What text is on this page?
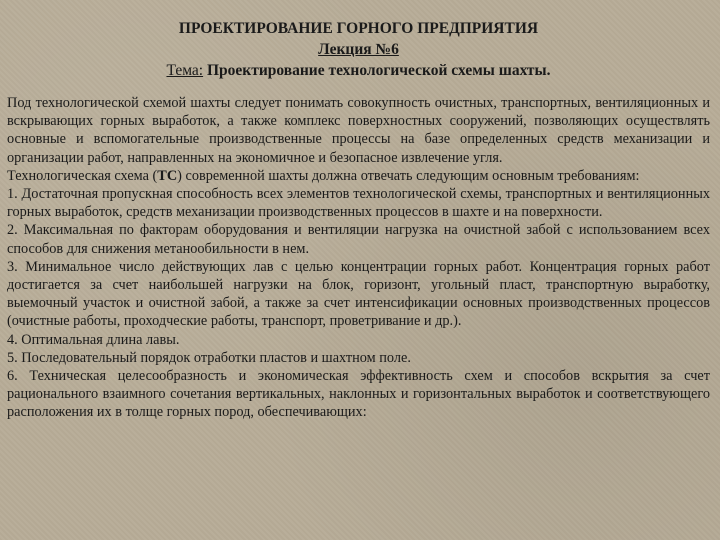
ПРОЕКТИРОВАНИЕ ГОРНОГО ПРЕДПРИЯТИЯ
Лекция №6
Тема: Проектирование технологической схемы шахты.

Под технологической схемой шахты следует понимать совокупность очистных, транспортных, вентиляционных и вскрывающих горных выработок, а также комплекс поверхностных сооружений, позволяющих осуществлять основные и вспомогательные производственные процессы на базе определенных средств механизации и организации работ, направленных на экономичное и безопасное извлечение угля.

Технологическая схема (ТС) современной шахты должна отвечать следующим основным требованиям:

1. Достаточная пропускная способность всех элементов технологической схемы, транспортных и вентиляционных горных выработок, средств механизации производственных процессов в шахте и на поверхности.

2. Максимальная по факторам оборудования и вентиляции нагрузка на очистной забой с использованием всех способов для снижения метанообильности в нем.

3. Минимальное число действующих лав с целью концентрации горных работ. Концентрация горных работ достигается за счет наибольшей нагрузки на блок, горизонт, угольный пласт, транспортную выработку, выемочный участок и очистной забой, а также за счет интенсификации основных производственных процессов (очистные работы, проходческие работы, транспорт, проветривание и др.).

4. Оптимальная длина лавы.

5. Последовательный порядок отработки пластов и шахтном поле.

6. Техническая целесообразность и экономическая эффективность схем и способов вскрытия за счет рационального взаимного сочетания вертикальных, наклонных и горизонтальных выработок и соответствующего расположения их в толще горных пород, обеспечивающих:
